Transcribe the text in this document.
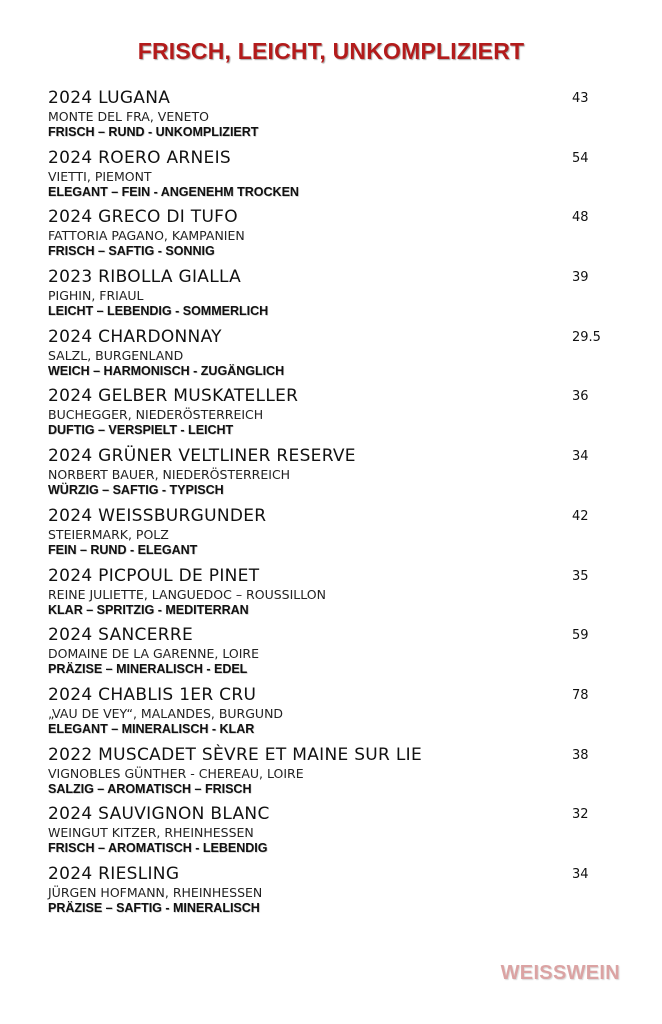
FRISCH, LEICHT, UNKOMPLIZIERT
2024 LUGANA	43
MONTE DEL FRA, VENETO
FRISCH – RUND - UNKOMPLIZIERT
2024 ROERO ARNEIS	54
VIETTI, PIEMONT
ELEGANT – FEIN - ANGENEHM TROCKEN
2024 GRECO DI TUFO	48
FATTORIA PAGANO, KAMPANIEN
FRISCH – SAFTIG - SONNIG
2023 RIBOLLA GIALLA	39
PIGHIN, FRIAUL
LEICHT – LEBENDIG - SOMMERLICH
2024 CHARDONNAY	29.5
SALZL, BURGENLAND
WEICH – HARMONISCH - ZUGÄNGLICH
2024 GELBER MUSKATELLER	36
BUCHEGGER, NIEDERÖSTERREICH
DUFTIG – VERSPIELT - LEICHT
2024 GRÜNER VELTLINER RESERVE	34
NORBERT BAUER, NIEDERÖSTERREICH
WÜRZIG – SAFTIG - TYPISCH
2024 WEISSBURGUNDER	42
STEIERMARK, POLZ
FEIN – RUND - ELEGANT
2024 PICPOUL DE PINET	35
REINE JULIETTE, LANGUEDOC – ROUSSILLON
KLAR – SPRITZIG - MEDITERRAN
2024 SANCERRE	59
DOMAINE DE LA GARENNE, LOIRE
PRÄZISE – MINERALISCH - EDEL
2024 CHABLIS 1ER CRU	78
„VAU DE VEY“, MALANDES, BURGUND
ELEGANT – MINERALISCH - KLAR
2022 MUSCADET SÈVRE ET MAINE SUR LIE	38
VIGNOBLES GÜNTHER - CHEREAU, LOIRE
SALZIG – AROMATISCH – FRISCH
2024 SAUVIGNON BLANC	32
WEINGUT KITZER, RHEINHESSEN
FRISCH – AROMATISCH - LEBENDIG
2024 RIESLING	34
JÜRGEN HOFMANN, RHEINHESSEN
PRÄZISE – SAFTIG - MINERALISCH
WEISSWEIN
